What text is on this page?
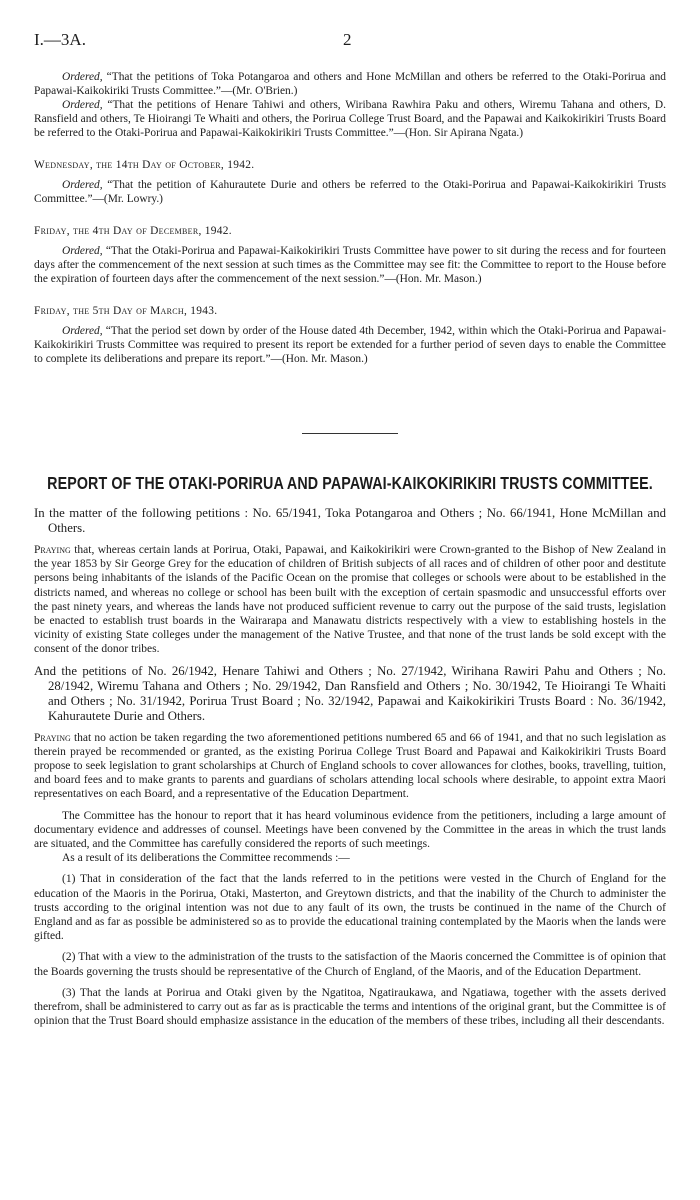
I.—3A.	2

Ordered, “That the petitions of Toka Potangaroa and others and Hone McMillan and others be referred to the Otaki-Porirua and Papawai-Kaikokiriki Trusts Committee.”—(Mr. O'Brien.)

Ordered, “That the petitions of Henare Tahiwi and others, Wiribana Rawhira Paku and others, Wiremu Tahana and others, D. Ransfield and others, Te Hioirangi Te Whaiti and others, the Porirua College Trust Board, and the Papawai and Kaikokirikiri Trusts Board be referred to the Otaki-Porirua and Papawai-Kaikokirikiri Trusts Committee.”—(Hon. Sir Apirana Ngata.)

Wednesday, the 14th Day of October, 1942.

Ordered, “That the petition of Kahurautete Durie and others be referred to the Otaki-Porirua and Papawai-Kaikokirikiri Trusts Committee.”—(Mr. Lowry.)

Friday, the 4th Day of December, 1942.

Ordered, “That the Otaki-Porirua and Papawai-Kaikokirikiri Trusts Committee have power to sit during the recess and for fourteen days after the commencement of the next session at such times as the Committee may see fit: the Committee to report to the House before the expiration of fourteen days after the commencement of the next session.”—(Hon. Mr. Mason.)

Friday, the 5th Day of March, 1943.

Ordered, “That the period set down by order of the House dated 4th December, 1942, within which the Otaki-Porirua and Papawai-Kaikokirikiri Trusts Committee was required to present its report be extended for a further period of seven days to enable the Committee to complete its deliberations and prepare its report.”—(Hon. Mr. Mason.)

REPORT OF THE OTAKI-PORIRUA AND PAPAWAI-KAIKOKIRIKIRI TRUSTS COMMITTEE.

In the matter of the following petitions : No. 65/1941, Toka Potangaroa and Others ; No. 66/1941, Hone McMillan and Others.

Praying that, whereas certain lands at Porirua, Otaki, Papawai, and Kaikokirikiri were Crown-granted to the Bishop of New Zealand in the year 1853 by Sir George Grey for the education of children of British subjects of all races and of children of other poor and destitute persons being inhabitants of the islands of the Pacific Ocean on the promise that colleges or schools were about to be established in the districts named, and whereas no college or school has been built with the exception of certain spasmodic and unsuccessful efforts over the past ninety years, and whereas the lands have not produced sufficient revenue to carry out the purpose of the said trusts, legislation be enacted to establish trust boards in the Wairarapa and Manawatu districts respectively with a view to establishing hostels in the vicinity of existing State colleges under the management of the Native Trustee, and that none of the trust lands be sold except with the consent of the donor tribes.

And the petitions of No. 26/1942, Henare Tahiwi and Others ; No. 27/1942, Wirihana Rawiri Pahu and Others ; No. 28/1942, Wiremu Tahana and Others ; No. 29/1942, Dan Ransfield and Others ; No. 30/1942, Te Hioirangi Te Whaiti and Others ; No. 31/1942, Porirua Trust Board ; No. 32/1942, Papawai and Kaikokirikiri Trusts Board : No. 36/1942, Kahurautete Durie and Others.

Praying that no action be taken regarding the two aforementioned petitions numbered 65 and 66 of 1941, and that no such legislation as therein prayed be recommended or granted, as the existing Porirua College Trust Board and Papawai and Kaikokirikiri Trusts Board propose to seek legislation to grant scholarships at Church of England schools to cover allowances for clothes, books, travelling, tuition, and board fees and to make grants to parents and guardians of scholars attending local schools where desirable, to appoint extra Maori representatives on each Board, and a representative of the Education Department.

The Committee has the honour to report that it has heard voluminous evidence from the petitioners, including a large amount of documentary evidence and addresses of counsel. Meetings have been convened by the Committee in the areas in which the trust lands are situated, and the Committee has carefully considered the reports of such meetings.

As a result of its deliberations the Committee recommends :—

(1) That in consideration of the fact that the lands referred to in the petitions were vested in the Church of England for the education of the Maoris in the Porirua, Otaki, Masterton, and Greytown districts, and that the inability of the Church to administer the trusts according to the original intention was not due to any fault of its own, the trusts be continued in the name of the Church of England and as far as possible be administered so as to provide the educational training contemplated by the Maoris when the lands were gifted.

(2) That with a view to the administration of the trusts to the satisfaction of the Maoris concerned the Committee is of opinion that the Boards governing the trusts should be representative of the Church of England, of the Maoris, and of the Education Department.

(3) That the lands at Porirua and Otaki given by the Ngatitoa, Ngatiraukawa, and Ngatiawa, together with the assets derived therefrom, shall be administered to carry out as far as is practicable the terms and intentions of the original grant, but the Committee is of opinion that the Trust Board should emphasize assistance in the education of the members of these tribes, including all their descendants.
